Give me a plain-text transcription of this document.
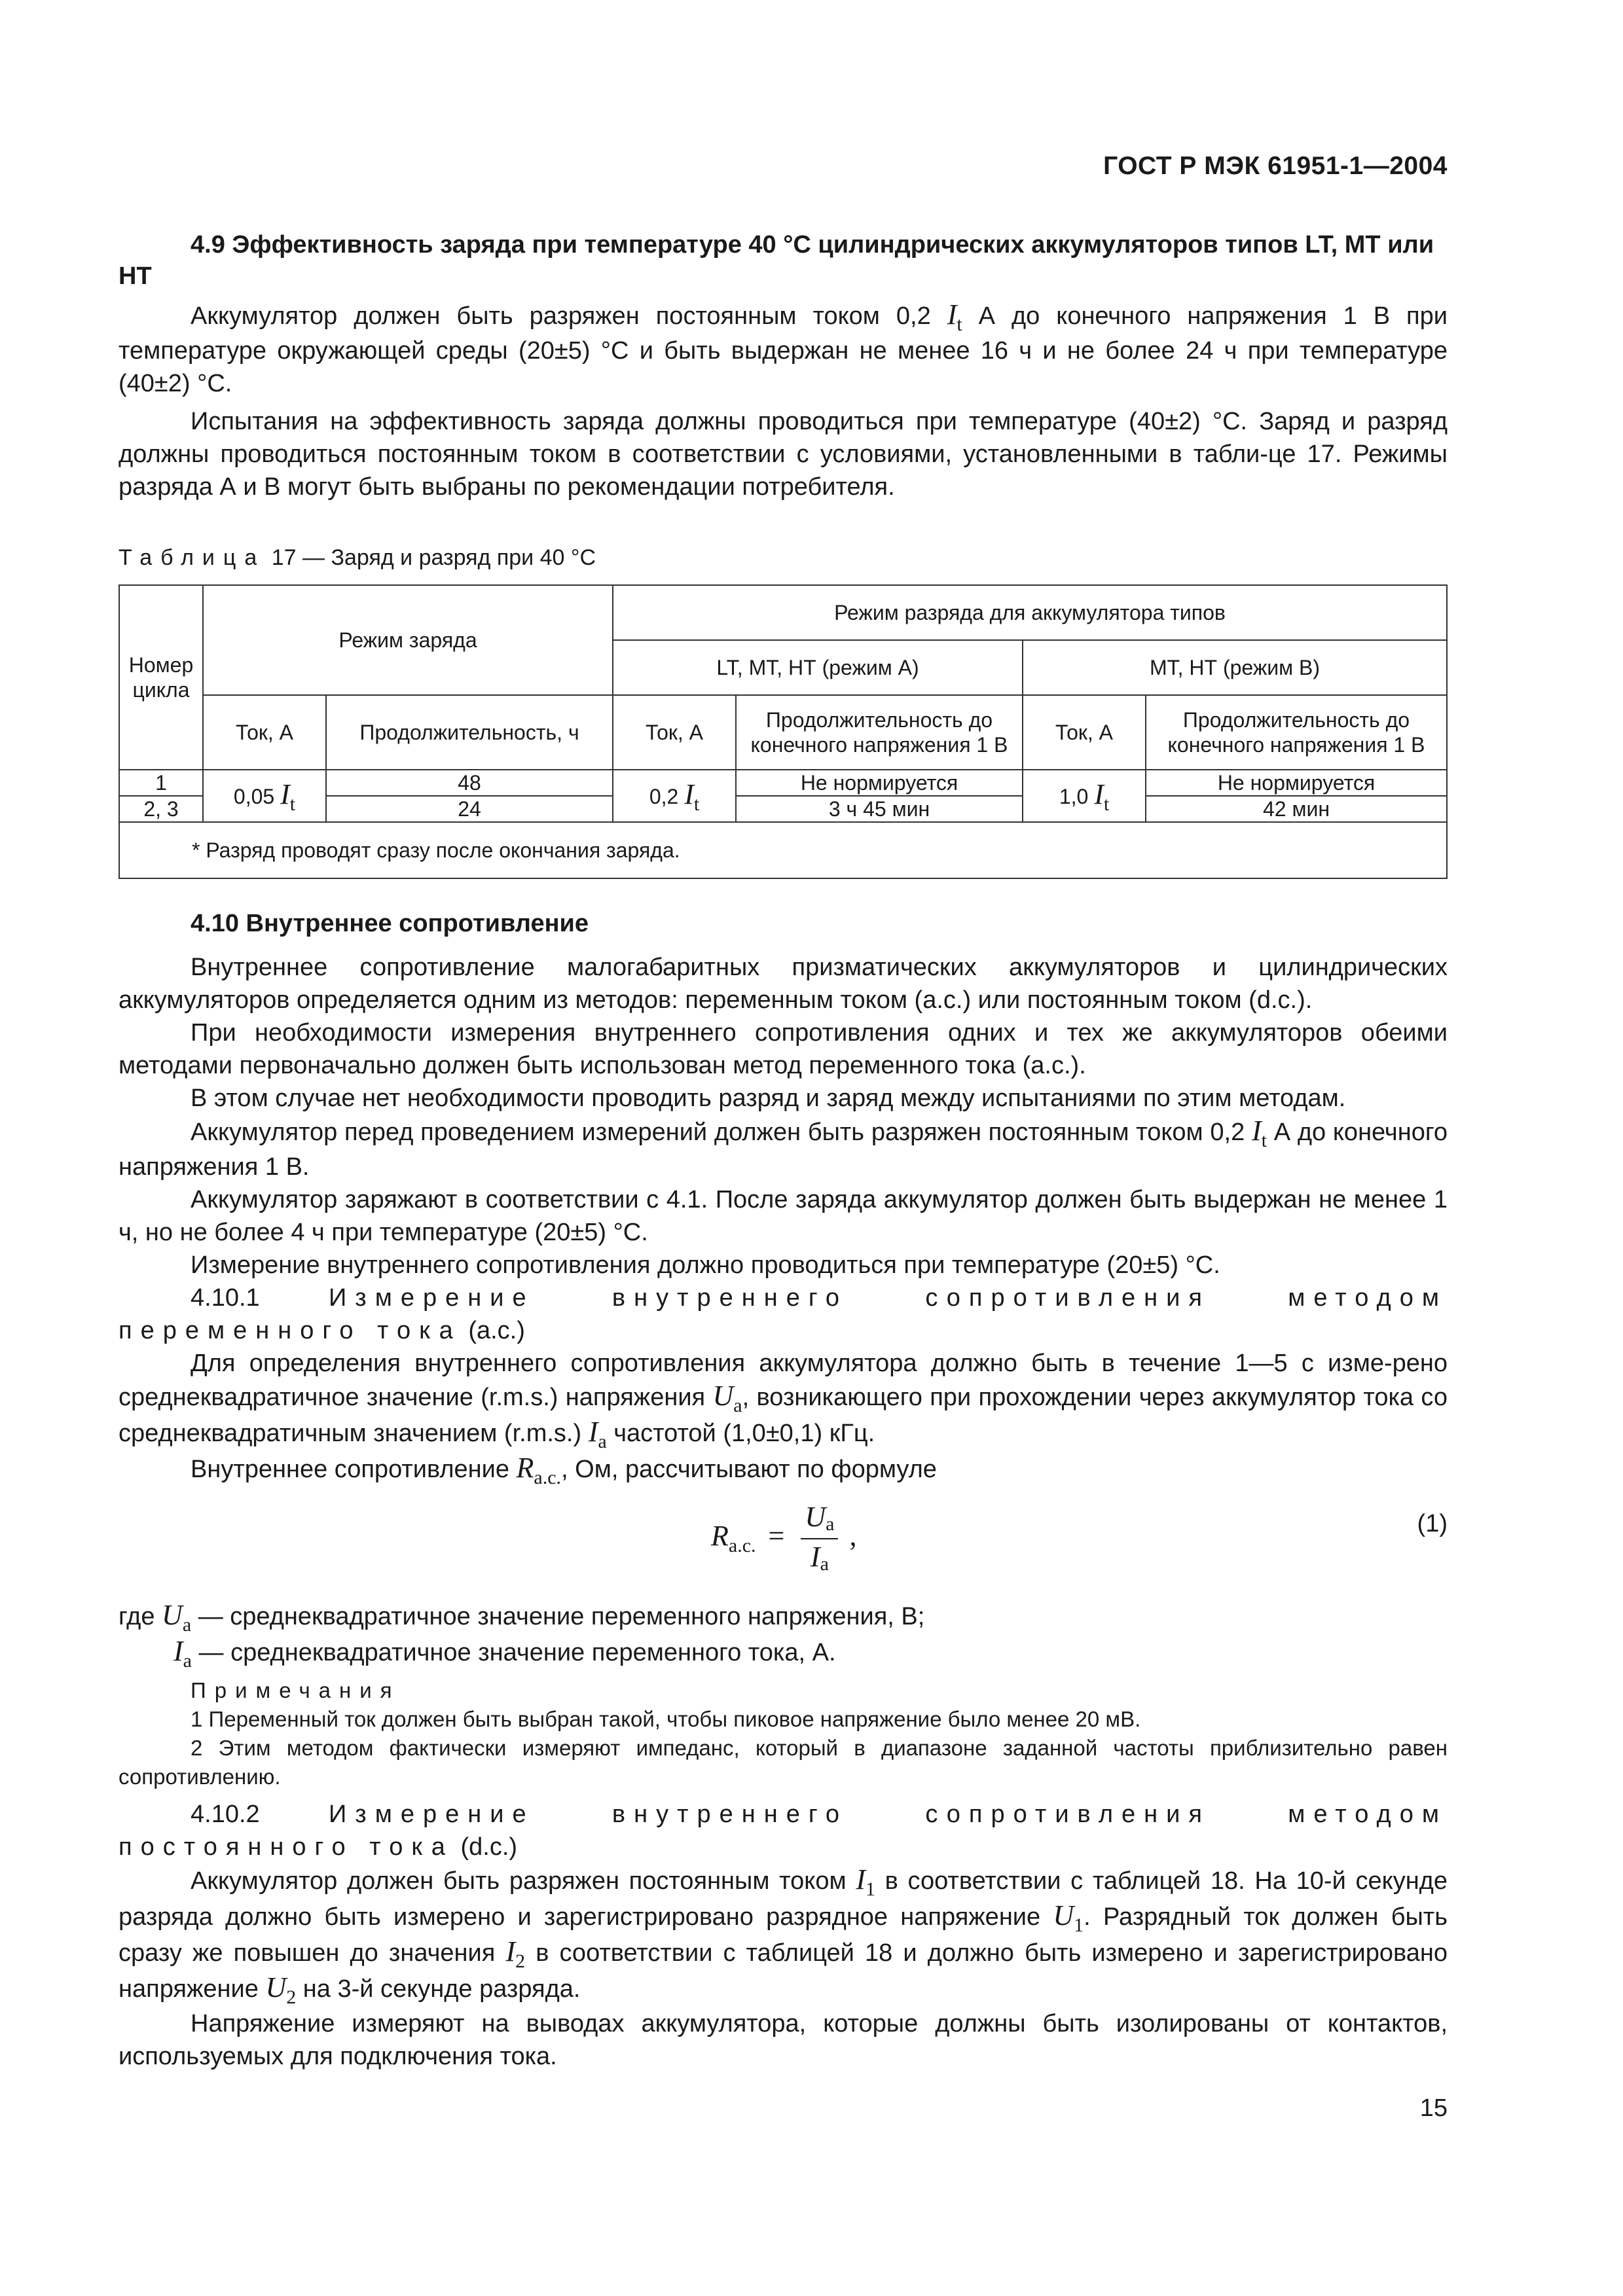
ГОСТ Р МЭК 61951-1—2004
4.9 Эффективность заряда при температуре 40 °С цилиндрических аккумуляторов типов LT, МТ или НТ

Аккумулятор должен быть разряжен постоянным током 0,2 $I_t$ А до конечного напряжения 1 В при температуре окружающей среды (20±5) °С и быть выдержан не менее 16 ч и не более 24 ч при температуре (40±2) °С.

Испытания на эффективность заряда должны проводиться при температуре (40±2) °С. Заряд и разряд должны проводиться постоянным током в соответствии с условиями, установленными в табли-це 17. Режимы разряда А и В могут быть выбраны по рекомендации потребителя.

Таблица 17 — Заряд и разряд при 40 °С
Номер цикла	Режим заряда		Режим разряда для аккумулятора типов			
			LT, МТ, НТ (режим А)		МТ, НТ (режим В)	
	Ток, А	Продолжительность, ч	Ток, А	Продолжительность до конечного напряжения 1 В	Ток, А	Продолжительность до конечного напряжения 1 В
1	0,05 $I_t$	48	0,2 $I_t$	Не нормируется	1,0 $I_t$	Не нормируется
2, 3		24		3 ч 45 мин		42 мин
* Разряд проводят сразу после окончания заряда.						
4.10 Внутреннее сопротивление

Внутреннее сопротивление малогабаритных призматических аккумуляторов и цилиндрических аккумуляторов определяется одним из методов: переменным током (а.с.) или постоянным током (d.c.).

При необходимости измерения внутреннего сопротивления одних и тех же аккумуляторов обеими методами первоначально должен быть использован метод переменного тока (а.с.).

В этом случае нет необходимости проводить разряд и заряд между испытаниями по этим методам.

Аккумулятор перед проведением измерений должен быть разряжен постоянным током 0,2 $I_t$ А до конечного напряжения 1 В.

Аккумулятор заряжают в соответствии с 4.1. После заряда аккумулятор должен быть выдержан не менее 1 ч, но не более 4 ч при температуре (20±5) °С.

Измерение внутреннего сопротивления должно проводиться при температуре (20±5) °С.

4.10.1	Измерение внутреннего сопротивления методом переменного тока (а.с.)

Для определения внутреннего сопротивления аккумулятора должно быть в течение 1—5 с изме-рено среднеквадратичное значение (r.m.s.) напряжения $U_a$, возникающего при прохождении через аккумулятор тока со среднеквадратичным значением (r.m.s.) $I_a$ частотой (1,0±0,1) кГц.

Внутреннее сопротивление $R_{a.c.}$, Ом, рассчитывают по формуле

$R_{a.c.} = \frac{Ua}{Ia}$ ,	(1)

где $U_a$ — среднеквадратичное значение переменного напряжения, В;

$I_a$ — среднеквадратичное значение переменного тока, А.

Примечания

1 Переменный ток должен быть выбран такой, чтобы пиковое напряжение было менее 20 мВ.

2 Этим методом фактически измеряют импеданс, который в диапазоне заданной частоты приблизительно равен сопротивлению.

4.10.2	Измерение внутреннего сопротивления методом постоянного тока (d.c.)

Аккумулятор должен быть разряжен постоянным током $I_1$ в соответствии с таблицей 18. На 10-й секунде разряда должно быть измерено и зарегистрировано разрядное напряжение $U_1$. Разрядный ток должен быть сразу же повышен до значения $I_2$ в соответствии с таблицей 18 и должно быть измерено и зарегистрировано напряжение $U_2$ на 3-й секунде разряда.

Напряжение измеряют на выводах аккумулятора, которые должны быть изолированы от контактов, используемых для подключения тока.

15
